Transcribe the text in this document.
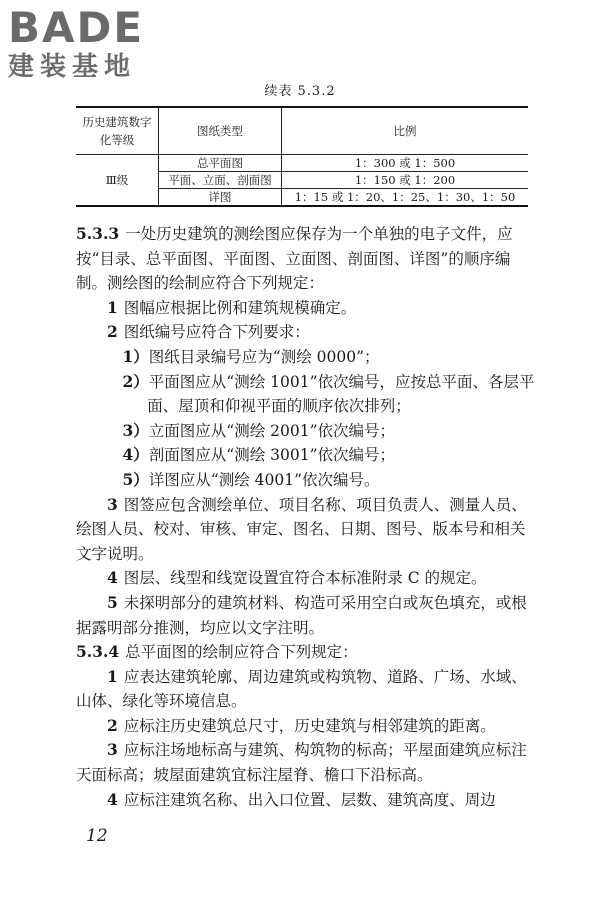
BADE
建装基地
续表 5.3.2
历史建筑数字化等级	图纸类型	比例
Ⅲ级	总平面图	1：300 或 1：500
	平面、立面、剖面图	1：150 或 1：200
	详图	1：15 或 1：20、1：25、1：30、1：50

5.3.3 一处历史建筑的测绘图应保存为一个单独的电子文件，应按“目录、总平面图、平面图、立面图、剖面图、详图”的顺序编制。测绘图的绘制应符合下列规定：

1 图幅应根据比例和建筑规模确定。

2 图纸编号应符合下列要求：

1）图纸目录编号应为“测绘 0000”；

2）平面图应从“测绘 1001”依次编号，应按总平面、各层平面、屋顶和仰视平面的顺序依次排列；

3）立面图应从“测绘 2001”依次编号；

4）剖面图应从“测绘 3001”依次编号；

5）详图应从“测绘 4001”依次编号。

3 图签应包含测绘单位、项目名称、项目负责人、测量人员、绘图人员、校对、审核、审定、图名、日期、图号、版本号和相关文字说明。

4 图层、线型和线宽设置宜符合本标准附录 C 的规定。

5 未探明部分的建筑材料、构造可采用空白或灰色填充，或根据露明部分推测，均应以文字注明。

5.3.4 总平面图的绘制应符合下列规定：

1 应表达建筑轮廓、周边建筑或构筑物、道路、广场、水域、山体、绿化等环境信息。

2 应标注历史建筑总尺寸，历史建筑与相邻建筑的距离。

3 应标注场地标高与建筑、构筑物的标高；平屋面建筑应标注天面标高；坡屋面建筑宜标注屋脊、檐口下沿标高。

4 应标注建筑名称、出入口位置、层数、建筑高度、周边

12
